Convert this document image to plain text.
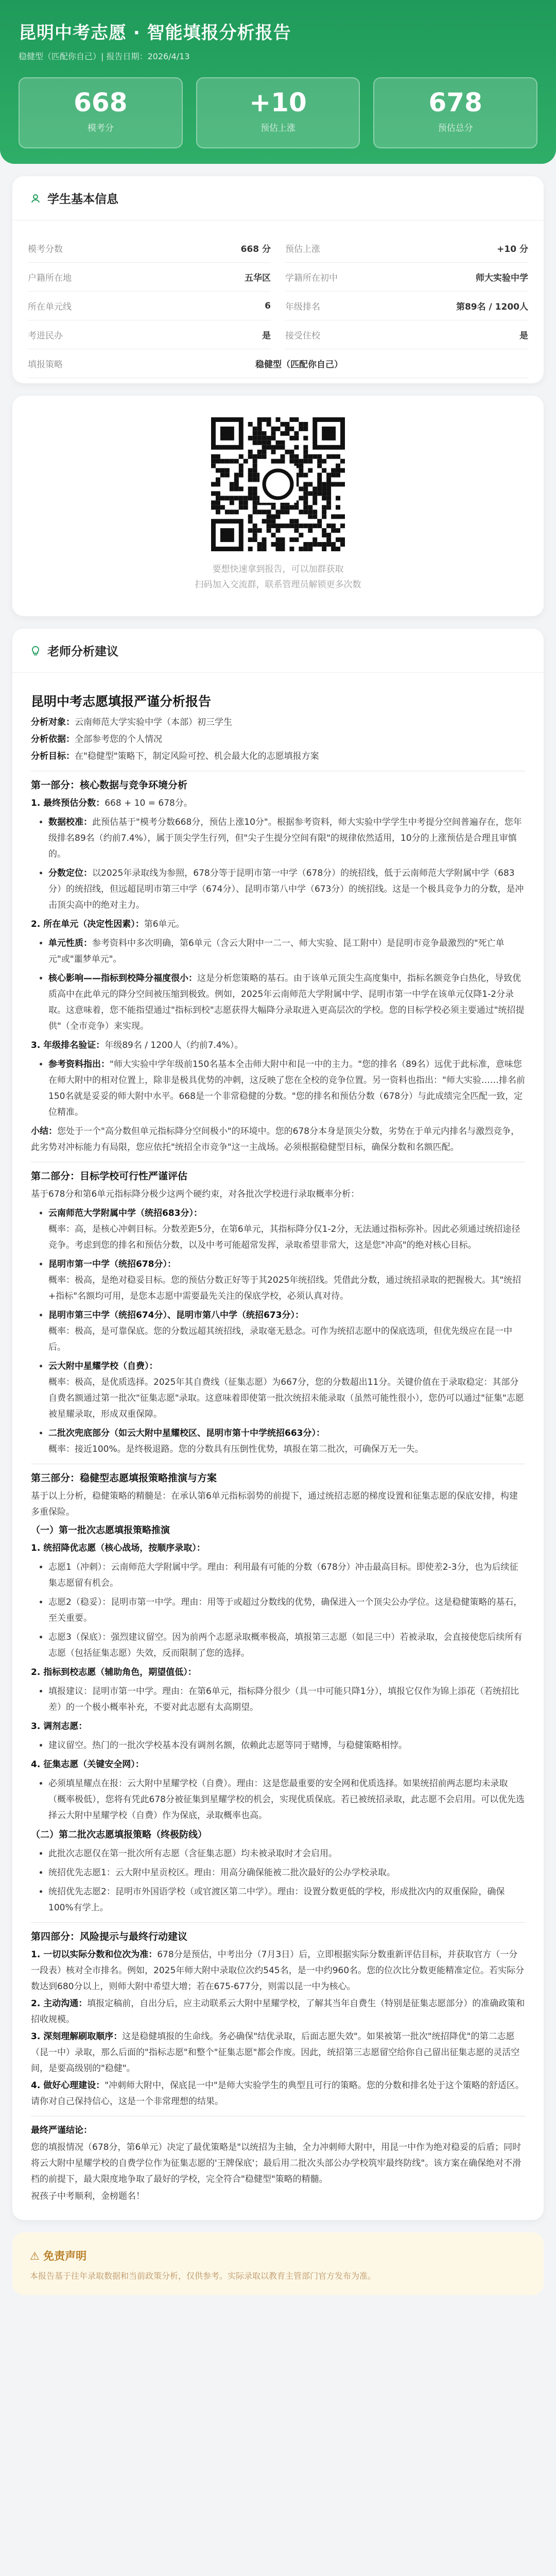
昆明中考志愿 · 智能填报分析报告
稳健型（匹配你自己）| 报告日期：2026/4/13
668
模考分
+10
预估上涨
678
预估总分
学生基本信息
模考分数	668 分 预估上涨	+10 分
户籍所在地	五华区 学籍所在初中	师大实验中学
所在单元线	6 年级排名	第89名 / 1200人
考进民办	是 接受住校	是
填报策略	稳健型（匹配你自己）
要想快速拿到报告，可以加群获取
扫码加入交流群，联系管理员解锁更多次数
老师分析建议
昆明中考志愿填报严谨分析报告

分析对象：云南师范大学实验中学（本部）初三学生

分析依据：全部参考您的个人情况

分析目标：在"稳健型"策略下，制定风险可控、机会最大化的志愿填报方案

第一部分：核心数据与竞争环境分析

1. 最终预估分数：668 + 10 = 678分。

• 数据校准：此预估基于"模考分数668分，预估上涨10分"。根据参考资料，师大实验中学学生中考提分空间普遍存在，您年级排名89名（约前7.4%），属于顶尖学生行列，但"尖子生提分空间有限"的规律依然适用，10分的上涨预估是合理且审慎的。
• 分数定位：以2025年录取线为参照，678分等于昆明市第一中学（678分）的统招线，低于云南师范大学附属中学（683分）的统招线，但远超昆明市第三中学（674分）、昆明市第八中学（673分）的统招线。这是一个极具竞争力的分数，是冲击顶尖高中的绝对主力。

2. 所在单元（决定性因素）：第6单元。

• 单元性质：参考资料中多次明确，第6单元（含云大附中一二一、师大实验、昆工附中）是昆明市竞争最激烈的"死亡单元"或"噩梦单元"。
• 核心影响——指标到校降分福度很小：这是分析您策略的基石。由于该单元顶尖生高度集中，指标名额竞争白热化，导致优质高中在此单元的降分空间被压缩到极致。例如，2025年云南师范大学附属中学、昆明市第一中学在该单元仅降1-2分录取。这意味着，您不能指望通过"指标到校"志愿获得大幅降分录取进入更高层次的学校。您的目标学校必须主要通过"统招提供"（全市竞争）来实现。

3. 年级排名验证：年级89名 / 1200人（约前7.4%）。

• 参考资料指出："师大实验中学年级前150名基本全击师大附中和昆一中的主力。"您的排名（89名）远优于此标准，意味您在师大附中的相对位置上，除非是极具优势的冲刺，这反映了您在全校的竞争位置。另一资料也指出："师大实验……排名前150名就是妥妥的师大附中水平。668是一个非常稳健的分数。"您的排名和预估分数（678分）与此成绩完全匹配一致，定位精准。

小结：您处于一个"高分数但单元指标降分空间极小"的环境中。您的678分本身是顶尖分数，劣势在于单元内排名与激烈竞争，此劣势对冲标能力有局限，您应依托"统招全市竞争"这一主战场。必须根据稳健型目标，确保分数和名额匹配。

第二部分：目标学校可行性严谨评估

基于678分和第6单元指标降分极少这两个硬约束，对各批次学校进行录取概率分析：

• 云南师范大学附属中学（统招683分）：
概率：高，是核心冲刺目标。分数差距5分，在第6单元，其指标降分仅1-2分，无法通过指标弥补。因此必须通过统招途径竞争。考虑到您的排名和预估分数，以及中考可能超常发挥，录取希望非常大，这是您"冲高"的绝对核心目标。
• 昆明市第一中学（统招678分）：
概率：极高，是绝对稳妥目标。您的预估分数正好等于其2025年统招线。凭借此分数，通过统招录取的把握极大。其"统招+指标"名额均可用，是您本志愿中需要最先关注的保底学校，必须认真对待。
• 昆明市第三中学（统招674分）、昆明市第八中学（统招673分）：
概率：极高，是可靠保底。您的分数远超其统招线，录取毫无悬念。可作为统招志愿中的保底选项，但优先级应在昆一中后。
• 云大附中星耀学校（自费）：
概率：极高，是优质选择。2025年其自费线（征集志愿）为667分，您的分数超出11分。关键价值在于录取稳定：其部分自费名额通过第一批次"征集志愿"录取。这意味着即使第一批次统招未能录取（虽然可能性很小），您仍可以通过"征集"志愿被星耀录取，形成双重保障。
• 二批次兜底部分（如云大附中星耀校区、昆明市第十中学统招663分）：
概率：接近100%。是终极退路。您的分数具有压倒性优势，填报在第二批次，可确保万无一失。
第三部分：稳健型志愿填报策略推演与方案

基于以上分析，稳健策略的精髓是：在承认第6单元指标弱势的前提下，通过统招志愿的梯度设置和征集志愿的保底安排，构建多重保险。

（一）第一批次志愿填报策略推演

1. 统招降优志愿（核心战场，按顺序录取）：

• 志愿1（冲刺）：云南师范大学附属中学。理由：利用最有可能的分数（678分）冲击最高目标。即使差2-3分，也为后续征集志愿留有机会。
• 志愿2（稳妥）：昆明市第一中学。理由：用等于或超过分数线的优势，确保进入一个顶尖公办学位。这是稳健策略的基石，至关重要。
• 志愿3（保底）：强烈建议留空。因为前两个志愿录取概率极高，填报第三志愿（如昆三中）若被录取，会直接使您后续所有志愿（包括征集志愿）失效，反而限制了您的选择。

2. 指标到校志愿（辅助角色，期望值低）：

• 填报建议：昆明市第一中学。理由：在第6单元，指标降分很少（具一中可能只降1分），填报它仅作为锦上添花（若统招比差）的一个极小概率补充，不要对此志愿有太高期望。

3. 调剂志愿：

• 建议留空。热门的一批次学校基本没有调剂名额，依赖此志愿等同于赌博，与稳健策略相悖。

4. 征集志愿（关键安全网）：

• 必须填星耀点在报：云大附中星耀学校（自费）。理由：这是您最重要的安全网和优质选择。如果统招前两志愿均未录取（概率极低），您将有凭此678分被征集到星耀学校的机会，实现优质保底。若已被统招录取，此志愿不会启用。可以优先选择云大附中星耀学校（自费）作为保底，录取概率也高。
（二）第二批次志愿填报策略（终极防线）
• 此批次志愿仅在第一批次所有志愿（含征集志愿）均未被录取时才会启用。
• 统招优先志愿1：云大附中星贡校区。理由：用高分确保能被二批次最好的公办学校录取。
• 统招优先志愿2：昆明市外国语学校（或官渡区第二中学）。理由：设置分数更低的学校，形成批次内的双重保险，确保100%有学上。
第四部分：风险提示与最终行动建议

1. 一切以实际分数和位次为准：678分是预估，中考出分（7月3日）后，立即根据实际分数重新评估目标，并获取官方（一分一段表）核对全市排名。例如，2025年师大附中录取位次约545名，是一中约960名。您的位次比分数更能精准定位。若实际分数达到680分以上，则师大附中希望大增；若在675-677分，则需以昆一中为核心。

2. 主动沟通：填报定稿前，自出分后，应主动联系云大附中星耀学校，了解其当年自费生（特别是征集志愿部分）的准确政策和招收规模。

3. 深刻理解刷取顺序：这是稳健填报的生命线。务必确保"结优录取，后面志愿失效"。如果被第一批次"统招降优"的第二志愿（昆一中）录取，那么后面的"指标志愿"和整个"征集志愿"都会作废。因此，统招第三志愿留空给你自己留出征集志愿的灵活空间，是要高级别的"稳健"。

4. 做好心理建设："冲刺师大附中，保底昆一中"是师大实验学生的典型且可行的策略。您的分数和排名处于这个策略的舒适区。请你对自己保持信心，这是一个非常理想的结果。

最终严谨结论：

您的填报情况（678分，第6单元）决定了最优策略是"以统招为主轴，全力冲刺师大附中，用昆一中作为绝对稳妥的后盾；同时将云大附中星耀学校的自费学位作为征集志愿的'王牌保底'；最后用二批次头部公办学校筑牢最终防线"。该方案在确保绝对不滑档的前提下，最大限度地争取了最好的学校，完全符合"稳健型"策略的精髓。

祝孩子中考顺利，金榜题名！

⚠ 免责声明
本报告基于往年录取数据和当前政策分析，仅供参考。实际录取以教育主管部门官方发布为准。
